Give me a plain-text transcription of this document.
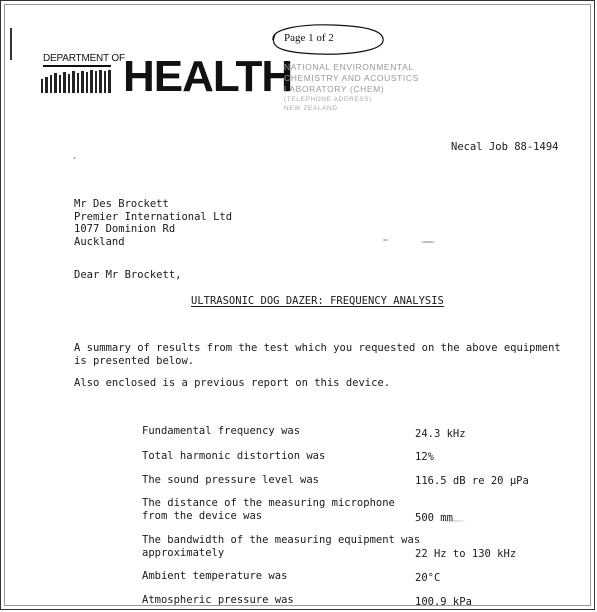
DEPARTMENT OF
HEALTH
Page 1 of 2
NATIONAL ENVIRONMENTAL
CHEMISTRY AND ACOUSTICS
LABORATORY (CHEM)
(TELEPHONE ADDRESS)
NEW ZEALAND
Necal Job 88-1494
Mr Des Brockett
Premier International Ltd
1077 Dominion Rd
Auckland
Dear Mr Brockett,
ULTRASONIC DOG DAZER: FREQUENCY ANALYSIS
A summary of results from the test which you requested on the above equipment is presented below.
Also enclosed is a previous report on this device.
Fundamental frequency was	24.3 kHz
Total harmonic distortion was	12%
The sound pressure level was	116.5 dB re 20 μPa
The distance of the measuring microphone
from the device was	500 mm
The bandwidth of the measuring equipment was
approximately	22 Hz to 130 kHz
Ambient temperature was	20°C
Atmospheric pressure was	100.9 kPa
